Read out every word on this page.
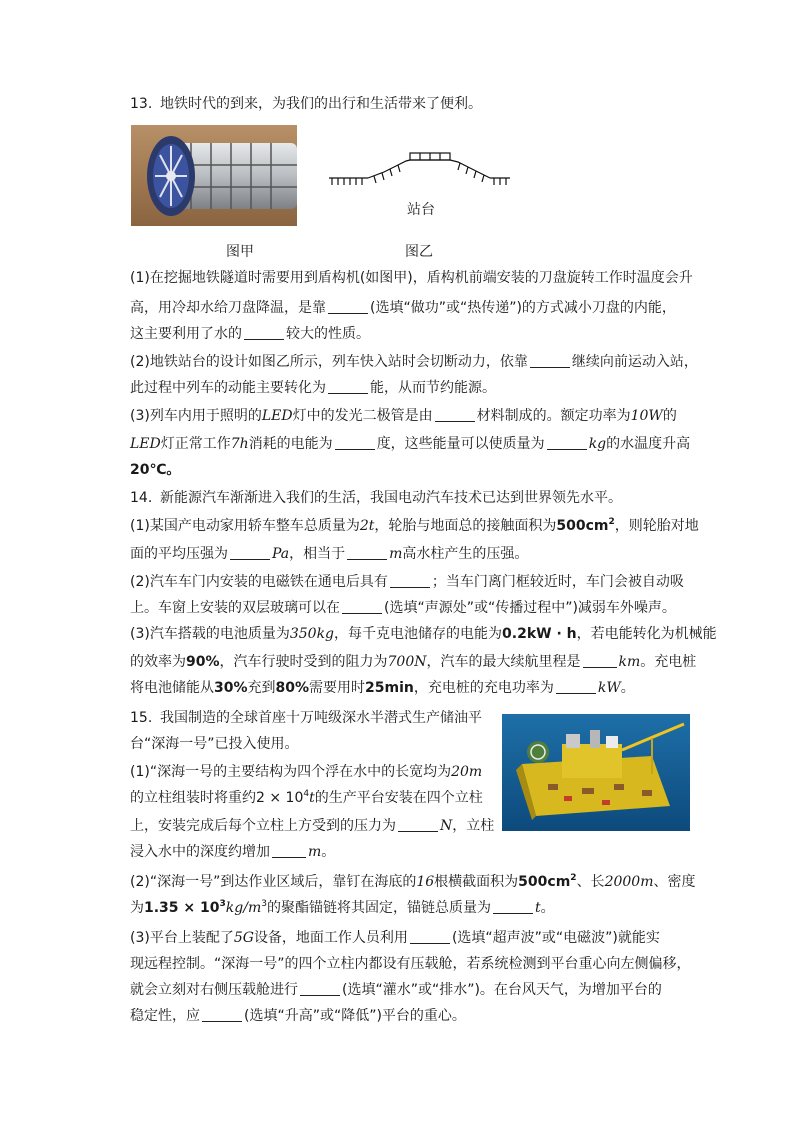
13. 地铁时代的到来，为我们的出行和生活带来了便利。
站台
图甲	图乙
(1)在挖掘地铁隧道时需要用到盾构机(如图甲)，盾构机前端安装的刀盘旋转工作时温度会升
高，用冷却水给刀盘降温，是靠	(选填“做功”或“热传递”)的方式减小刀盘的内能，
这主要利用了水的	较大的性质。
(2)地铁站台的设计如图乙所示，列车快入站时会切断动力，依靠	继续向前运动入站，
此过程中列车的动能主要转化为	能，从而节约能源。
(3)列车内用于照明的LED灯中的发光二极管是由	材料制成的。额定功率为10W的
LED灯正常工作7h消耗的电能为	度，这些能量可以使质量为	kg的水温度升高
20℃。
14. 新能源汽车渐渐进入我们的生活，我国电动汽车技术已达到世界领先水平。
(1)某国产电动家用轿车整车总质量为2t，轮胎与地面总的接触面积为$500cm^2$，则轮胎对地
面的平均压强为	Pa，相当于	m高水柱产生的压强。
(2)汽车车门内安装的电磁铁在通电后具有	；当车门离门框较近时，车门会被自动吸
上。车窗上安装的双层玻璃可以在	(选填“声源处”或“传播过程中”)减弱车外噪声。
(3)汽车搭载的电池质量为350kg，每千克电池储存的电能为0.2kW · h，若电能转化为机械能
的效率为90%，汽车行驶时受到的阻力为700N，汽车的最大续航里程是	km。充电桩
将电池储能从30%充到80%需要用时25min，充电桩的充电功率为	kW。
15. 我国制造的全球首座十万吨级深水半潜式生产储油平
台“深海一号”已投入使用。
(1)“深海一号的主要结构为四个浮在水中的长宽均为20m
的立柱组装时将重约$2 \times 10^4t$的生产平台安装在四个立柱
上，安装完成后每个立柱上方受到的压力为	N，立柱
浸入水中的深度约增加	m。
(2)“深海一号”到达作业区域后，靠钉在海底的16根横截面积为$500cm^2$、长2000m、密度
为$1.35 \times 10^3kg/m^3$的聚酯锚链将其固定，锚链总质量为	t。
(3)平台上装配了5G设备，地面工作人员利用	(选填“超声波”或“电磁波”)就能实
现远程控制。“深海一号”的四个立柱内都设有压载舱，若系统检测到平台重心向左侧偏移，
就会立刻对右侧压载舱进行	(选填“灌水”或“排水”)。在台风天气，为增加平台的
稳定性，应	(选填“升高”或“降低”)平台的重心。
